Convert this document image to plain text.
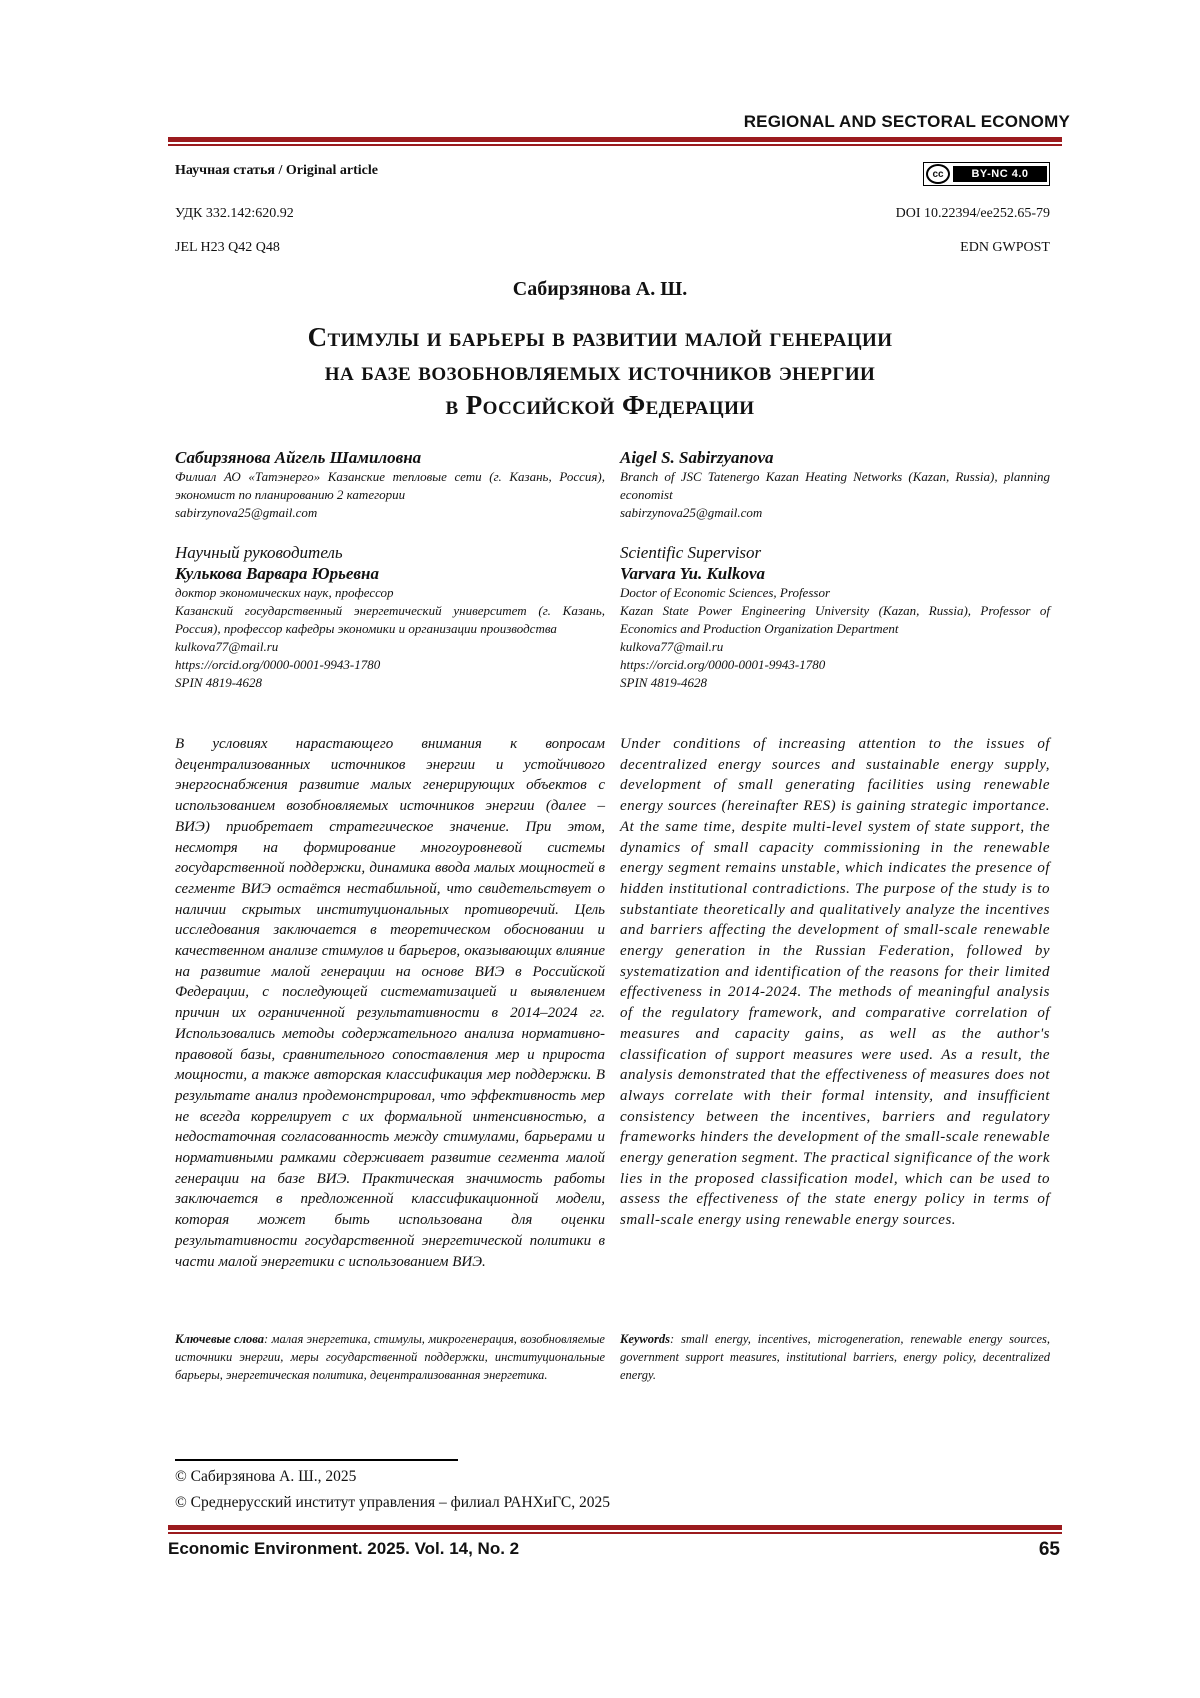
REGIONAL AND SECTORAL ECONOMY
Научная статья / Original article	cc	BY-NC 4.0
УДК 332.142:620.92	DOI 10.22394/ee252.65-79
JEL H23 Q42 Q48	EDN GWPOST
Сабирзянова А. Ш.
Стимулы и барьеры в развитии малой генерации
на базе возобновляемых источников энергии
в Российской Федерации
Сабирзянова Айгель Шамиловна
Филиал АО «Татэнерго» Казанские тепловые сети (г. Казань, Россия), экономист по планированию 2 категории
sabirzynova25@gmail.com
Aigel S. Sabirzyanova
Branch of JSC Tatenergo Kazan Heating Networks (Kazan, Russia), planning economist
sabirzynova25@gmail.com
Научный руководитель
Кулькова Варвара Юрьевна
доктор экономических наук, профессор
Казанский государственный энергетический университет (г. Казань, Россия), профессор кафедры экономики и организации производства
kulkova77@mail.ru
https://orcid.org/0000-0001-9943-1780
SPIN 4819-4628
Scientific Supervisor
Varvara Yu. Kulkova
Doctor of Economic Sciences, Professor
Kazan State Power Engineering University (Kazan, Russia), Professor of Economics and Production Organization Department
kulkova77@mail.ru
https://orcid.org/0000-0001-9943-1780
SPIN 4819-4628
В условиях нарастающего внимания к вопросам децентрализованных источников энергии и устойчивого энергоснабжения развитие малых генерирующих объектов с использованием возобновляемых источников энергии (далее – ВИЭ) приобретает стратегическое значение. При этом, несмотря на формирование многоуровневой системы государственной поддержки, динамика ввода малых мощностей в сегменте ВИЭ остаётся нестабильной, что свидетельствует о наличии скрытых институциональных противоречий. Цель исследования заключается в теоретическом обосновании и качественном анализе стимулов и барьеров, оказывающих влияние на развитие малой генерации на основе ВИЭ в Российской Федерации, с последующей систематизацией и выявлением причин их ограниченной результативности в 2014–2024 гг. Использовались методы содержательного анализа нормативно-правовой базы, сравнительного сопоставления мер и прироста мощности, а также авторская классификация мер поддержки. В результате анализ продемонстрировал, что эффективность мер не всегда коррелирует с их формальной интенсивностью, а недостаточная согласованность между стимулами, барьерами и нормативными рамками сдерживает развитие сегмента малой генерации на базе ВИЭ. Практическая значимость работы заключается в предложенной классификационной модели, которая может быть использована для оценки результативности государственной энергетической политики в части малой энергетики с использованием ВИЭ.
Under conditions of increasing attention to the issues of decentralized energy sources and sustainable energy supply, development of small generating facilities using renewable energy sources (hereinafter RES) is gaining strategic importance. At the same time, despite multi-level system of state support, the dynamics of small capacity commissioning in the renewable energy segment remains unstable, which indicates the presence of hidden institutional contradictions. The purpose of the study is to substantiate theoretically and qualitatively analyze the incentives and barriers affecting the development of small-scale renewable energy generation in the Russian Federation, followed by systematization and identification of the reasons for their limited effectiveness in 2014-2024. The methods of meaningful analysis of the regulatory framework, and comparative correlation of measures and capacity gains, as well as the author's classification of support measures were used. As a result, the analysis demonstrated that the effectiveness of measures does not always correlate with their formal intensity, and insufficient consistency between the incentives, barriers and regulatory frameworks hinders the development of the small-scale renewable energy generation segment. The practical significance of the work lies in the proposed classification model, which can be used to assess the effectiveness of the state energy policy in terms of small-scale energy using renewable energy sources.
Ключевые слова: малая энергетика, стимулы, микрогенерация, возобновляемые источники энергии, меры государственной поддержки, институциональные барьеры, энергетическая политика, децентрализованная энергетика.
Keywords: small energy, incentives, microgeneration, renewable energy sources, government support measures, institutional barriers, energy policy, decentralized energy.
© Сабирзянова А. Ш., 2025
© Среднерусский институт управления – филиал РАНХиГС, 2025
Economic Environment. 2025. Vol. 14, No. 2	65
